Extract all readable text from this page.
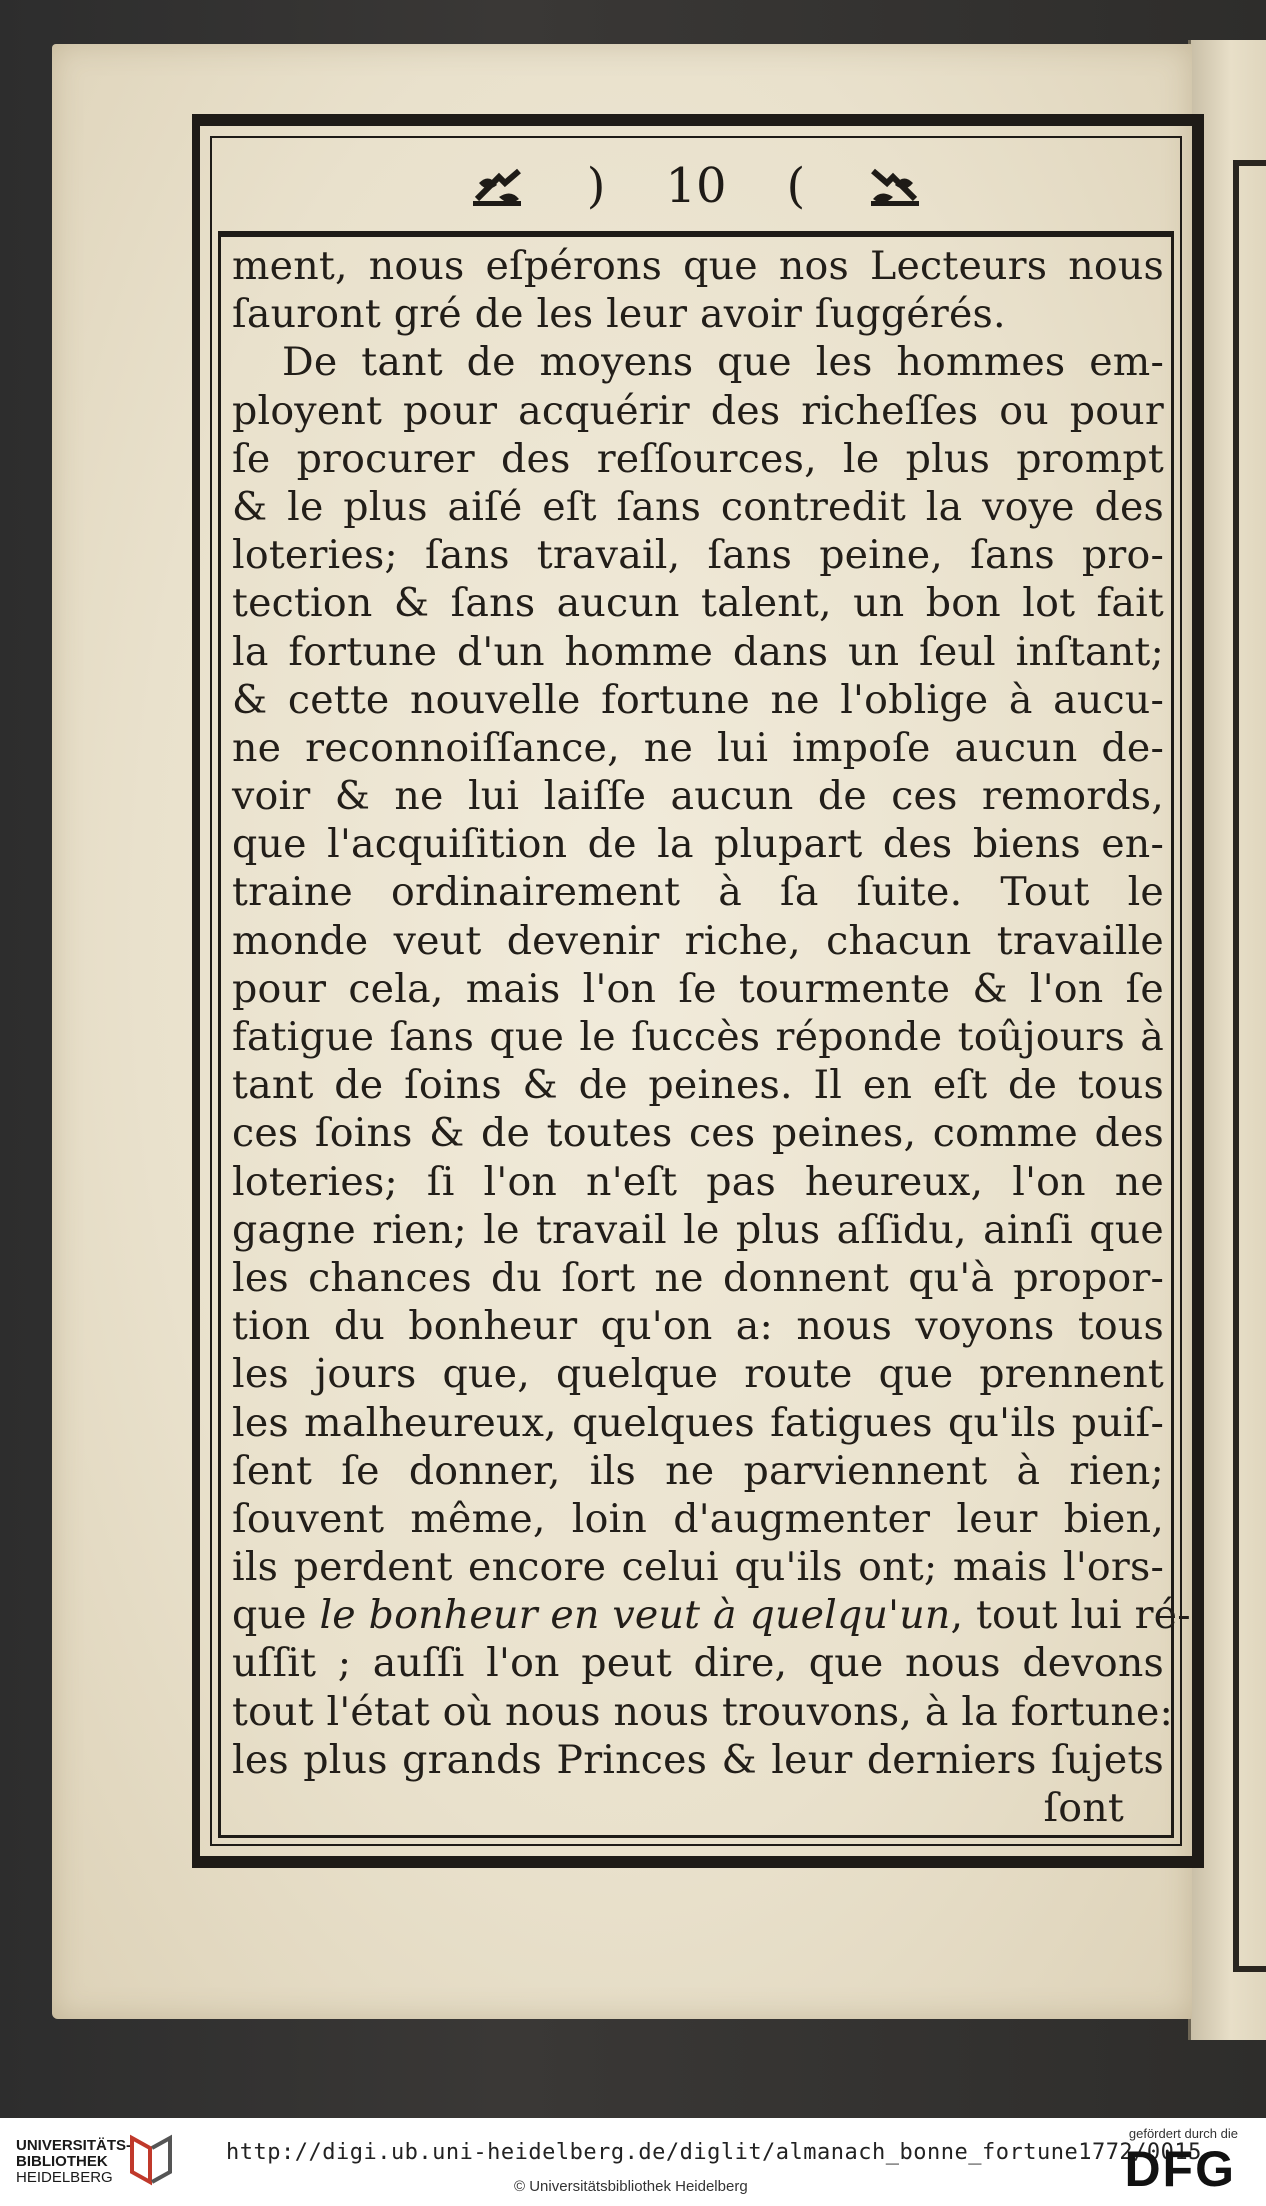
) 10 (
ment, nous eſpérons que nos Lecteurs nous
ſauront gré de les leur avoir ſuggérés.
De tant de moyens que les hommes em-
ployent pour acquérir des richeſſes ou pour
ſe procurer des reſſources, le plus prompt
& le plus aiſé eſt ſans contredit la voye des
loteries; ſans travail, ſans peine, ſans pro-
tection & ſans aucun talent, un bon lot fait
la fortune d'un homme dans un ſeul inſtant;
& cette nouvelle fortune ne l'oblige à aucu-
ne reconnoiſſance, ne lui impoſe aucun de-
voir & ne lui laiſſe aucun de ces remords,
que l'acquiſition de la plupart des biens en-
traine ordinairement à ſa ſuite. Tout le
monde veut devenir riche, chacun travaille
pour cela, mais l'on ſe tourmente & l'on ſe
fatigue ſans que le ſuccès réponde toûjours à
tant de ſoins & de peines. Il en eſt de tous
ces ſoins & de toutes ces peines, comme des
loteries; ſi l'on n'eſt pas heureux, l'on ne
gagne rien; le travail le plus aſſidu, ainſi que
les chances du ſort ne donnent qu'à propor-
tion du bonheur qu'on a: nous voyons tous
les jours que, quelque route que prennent
les malheureux, quelques fatigues qu'ils puiſ-
ſent ſe donner, ils ne parviennent à rien;
ſouvent même, loin d'augmenter leur bien,
ils perdent encore celui qu'ils ont; mais l'ors-
que le bonheur en veut à quelqu'un, tout lui ré-
uſſit ; auſſi l'on peut dire, que nous devons
tout l'état où nous nous trouvons, à la fortune:
les plus grands Princes & leur derniers ſujets
ſont
UNIVERSITÄTS-
BIBLIOTHEK
HEIDELBERG
http://digi.ub.uni-heidelberg.de/diglit/almanach_bonne_fortune1772/0015
© Universitätsbibliothek Heidelberg
gefördert durch die
DFG
